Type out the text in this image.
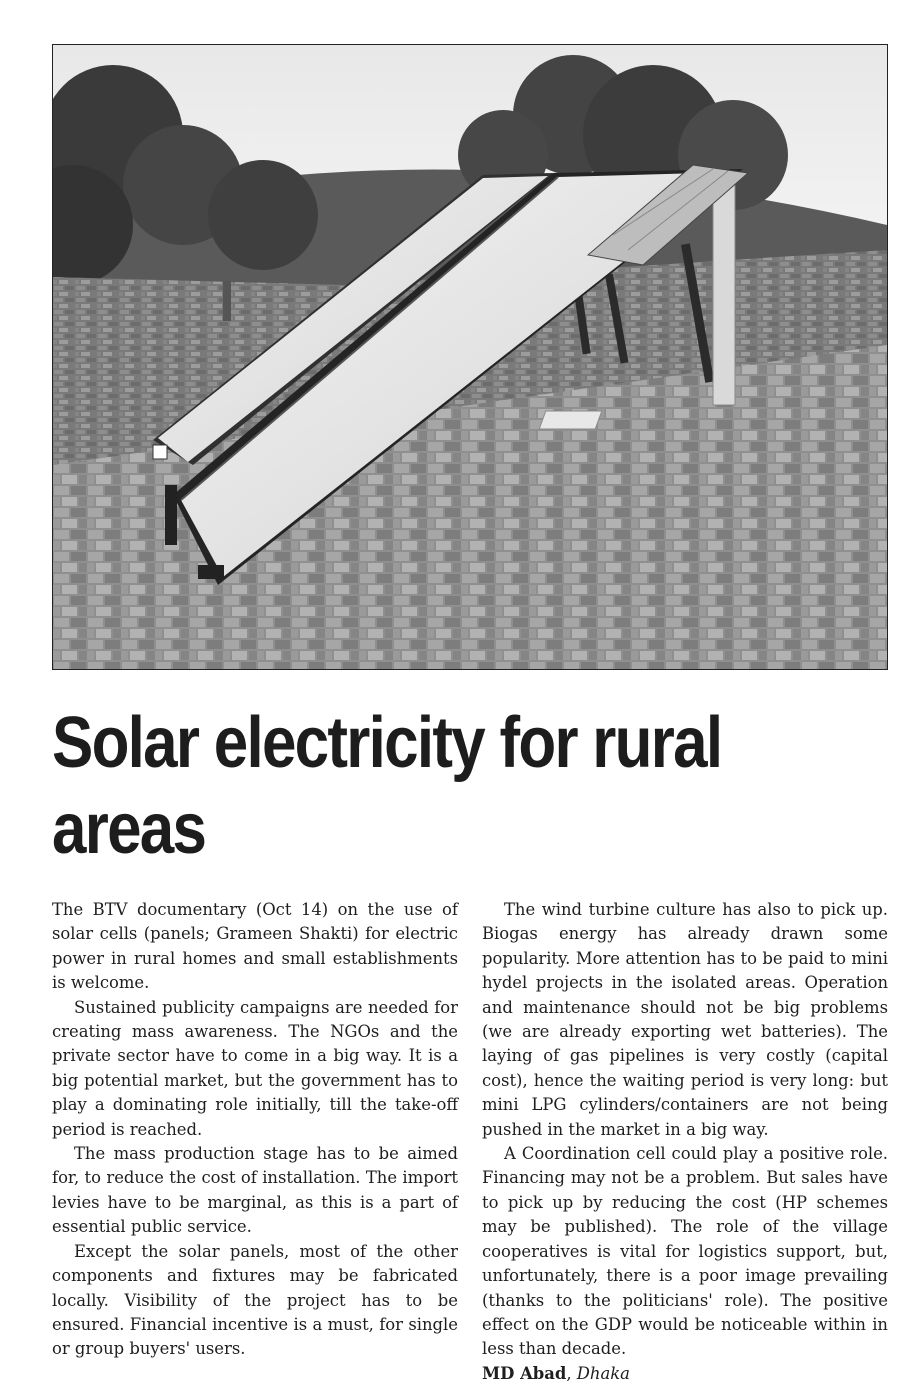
Solar electricity for rural areas

The BTV documentary (Oct 14) on the use of solar cells (panels; Grameen Shakti) for electric power in rural homes and small establishments is welcome.

Sustained publicity campaigns are needed for creating mass awareness. The NGOs and the private sector have to come in a big way. It is a big potential market, but the government has to play a dominating role initially, till the take-off period is reached.

The mass production stage has to be aimed for, to reduce the cost of installation. The import levies have to be marginal, as this is a part of essential public service.

Except the solar panels, most of the other components and fixtures may be fabricated locally. Visibility of the project has to be ensured. Financial incentive is a must, for single or group buyers' users.

The wind turbine culture has also to pick up. Biogas energy has already drawn some popularity. More attention has to be paid to mini hydel projects in the isolated areas. Operation and maintenance should not be big problems (we are already exporting wet batteries). The laying of gas pipelines is very costly (capital cost), hence the waiting period is very long: but mini LPG cylinders/containers are not being pushed in the market in a big way.

A Coordination cell could play a positive role. Financing may not be a problem. But sales have to pick up by reducing the cost (HP schemes may be published). The role of the village cooperatives is vital for logistics support, but, unfortunately, there is a poor image prevailing (thanks to the politicians' role). The positive effect on the GDP would be noticeable within in less than decade.

MD Abad, Dhaka
